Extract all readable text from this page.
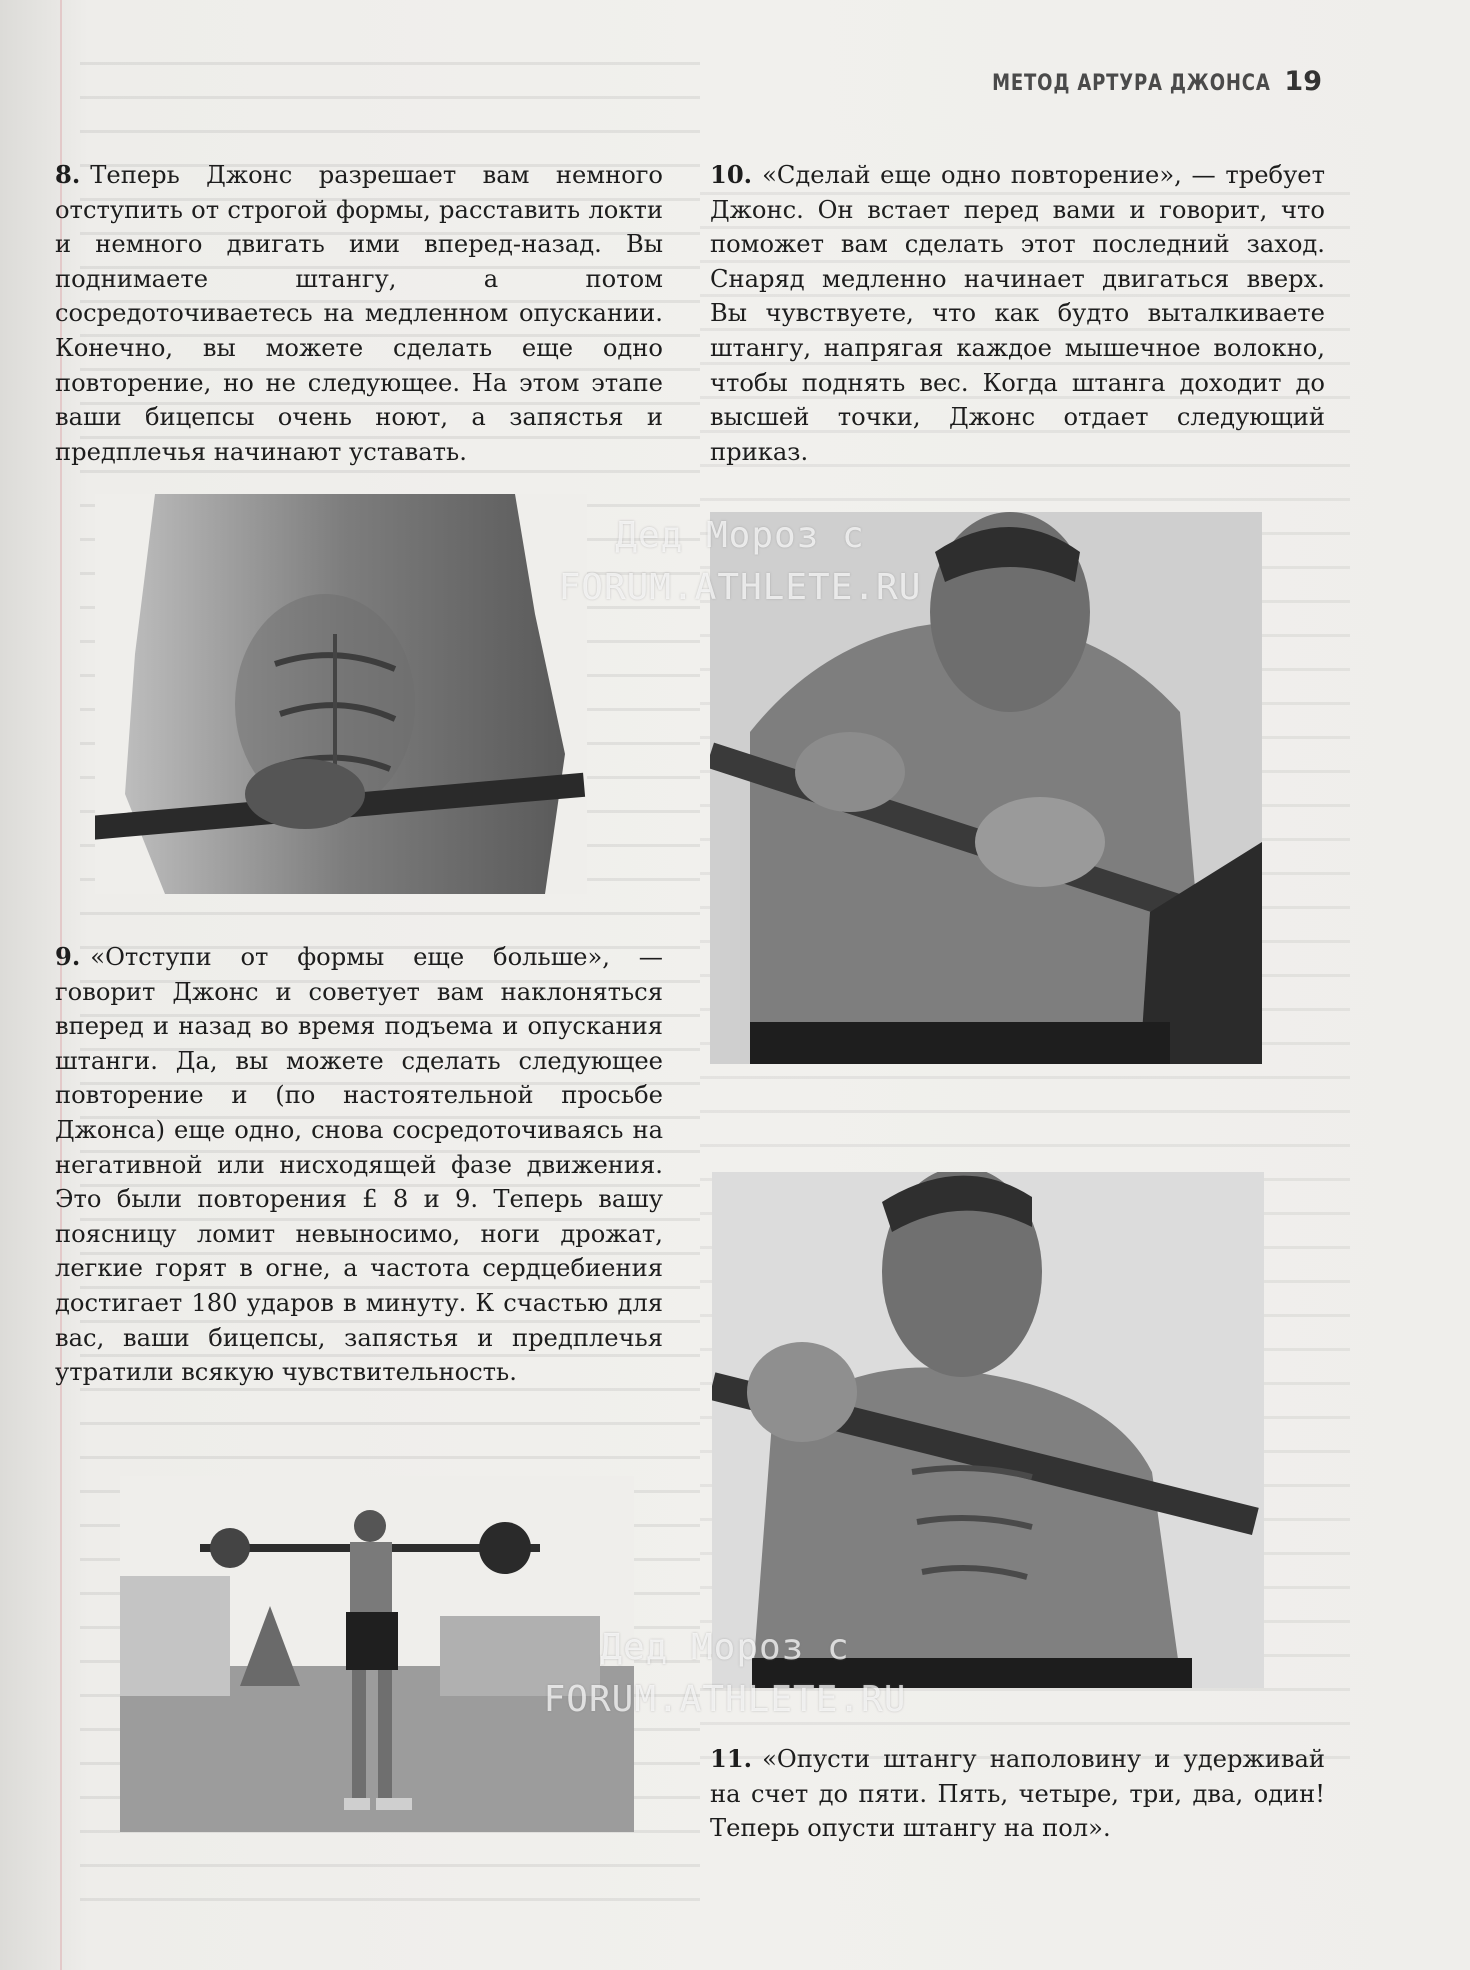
МЕТОД АРТУРА ДЖОНСА 19

8. Теперь Джонс разрешает вам немного отступить от строгой формы, расставить локти и немного двигать ими вперед-назад. Вы поднимаете штангу, а потом сосредоточиваетесь на медленном опускании. Конечно, вы можете сделать еще одно повторение, но не следующее. На этом этапе ваши бицепсы очень ноют, а запястья и предплечья начинают уставать.

9. «Отступи от формы еще больше», — говорит Джонс и советует вам наклоняться вперед и назад во время подъема и опускания штанги. Да, вы можете сделать следующее повторение и (по настоятельной просьбе Джонса) еще одно, снова сосредоточиваясь на негативной или нисходящей фазе движения. Это были повторения £ 8 и 9. Теперь вашу поясницу ломит невыносимо, ноги дрожат, легкие горят в огне, а частота сердцебиения достигает 180 ударов в минуту. К счастью для вас, ваши бицепсы, запястья и предплечья утратили всякую чувствительность.

10. «Сделай еще одно повторение», — требует Джонс. Он встает перед вами и говорит, что поможет вам сделать этот последний заход. Снаряд медленно начинает двигаться вверх. Вы чувствуете, что как будто выталкиваете штангу, напрягая каждое мышечное волокно, чтобы поднять вес. Когда штанга доходит до высшей точки, Джонс отдает следующий приказ.

11. «Опусти штангу наполовину и удерживай на счет до пяти. Пять, четыре, три, два, один! Теперь опусти штангу на пол».

Дед Мороз с
FORUM.ATHLETE.RU
Дед Мороз с
FORUM.ATHLETE.RU
